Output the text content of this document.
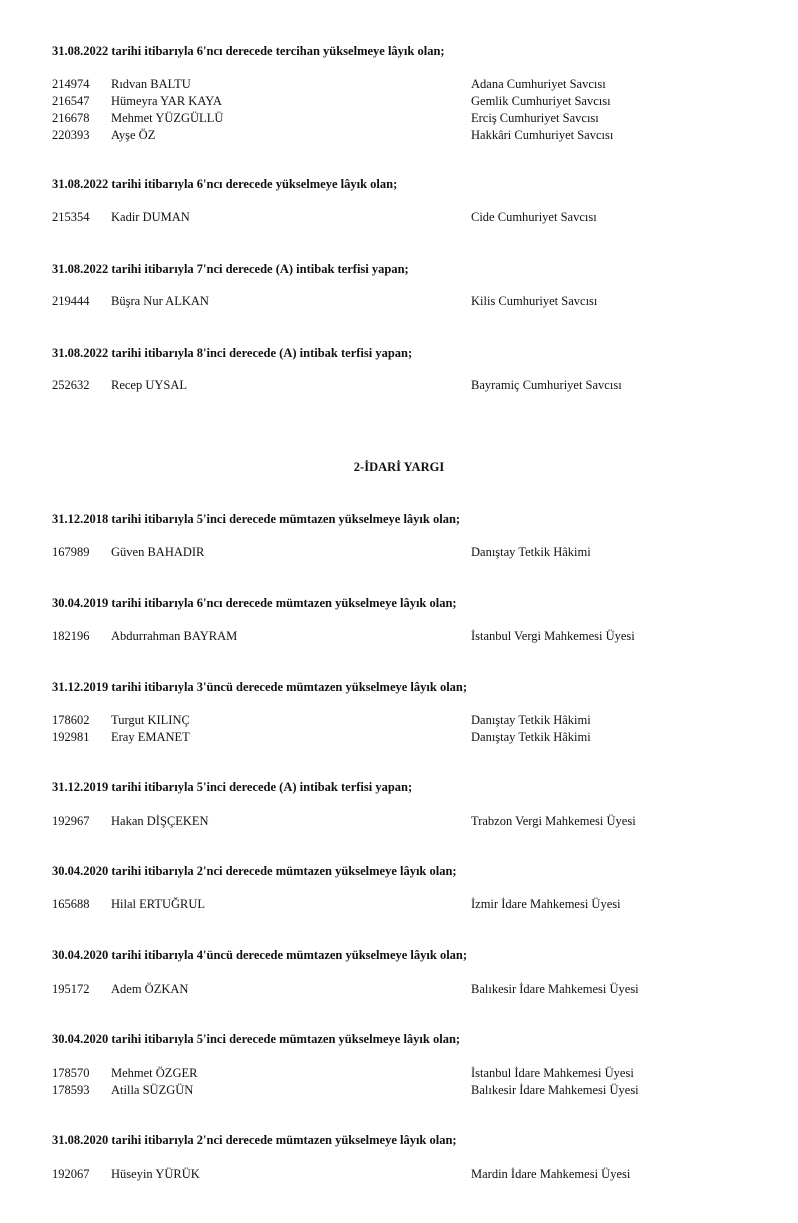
2-İDARİ YARGI
31.08.2022 tarihi itibarıyla 6'ncı derecede tercihan yükselmeye lâyık olan;
214974 Rıdvan BALTU	Adana Cumhuriyet Savcısı
216547 Hümeyra YAR KAYA	Gemlik Cumhuriyet Savcısı
216678 Mehmet YÜZGÜLLÜ	Erciş Cumhuriyet Savcısı
220393 Ayşe ÖZ	Hakkâri Cumhuriyet Savcısı
31.08.2022 tarihi itibarıyla 6'ncı derecede yükselmeye lâyık olan;
215354 Kadir DUMAN	Cide Cumhuriyet Savcısı
31.08.2022 tarihi itibarıyla 7'nci derecede (A) intibak terfisi yapan;
219444 Büşra Nur ALKAN	Kilis Cumhuriyet Savcısı
31.08.2022 tarihi itibarıyla 8'inci derecede (A) intibak terfisi yapan;
252632 Recep UYSAL	Bayramiç Cumhuriyet Savcısı
31.12.2018 tarihi itibarıyla 5'inci derecede mümtazen yükselmeye lâyık olan;
167989 Güven BAHADIR	Danıştay Tetkik Hâkimi
30.04.2019 tarihi itibarıyla 6'ncı derecede mümtazen yükselmeye lâyık olan;
182196 Abdurrahman BAYRAM	İstanbul Vergi Mahkemesi Üyesi
31.12.2019 tarihi itibarıyla 3'üncü derecede mümtazen yükselmeye lâyık olan;
178602 Turgut KILINÇ	Danıştay Tetkik Hâkimi
192981 Eray EMANET	Danıştay Tetkik Hâkimi
31.12.2019 tarihi itibarıyla 5'inci derecede (A) intibak terfisi yapan;
192967 Hakan DİŞÇEKEN	Trabzon Vergi Mahkemesi Üyesi
30.04.2020 tarihi itibarıyla 2'nci derecede mümtazen yükselmeye lâyık olan;
165688 Hilal ERTUĞRUL	İzmir İdare Mahkemesi Üyesi
30.04.2020 tarihi itibarıyla 4'üncü derecede mümtazen yükselmeye lâyık olan;
195172 Adem ÖZKAN	Balıkesir İdare Mahkemesi Üyesi
30.04.2020 tarihi itibarıyla 5'inci derecede mümtazen yükselmeye lâyık olan;
178570 Mehmet ÖZGER	İstanbul İdare Mahkemesi Üyesi
178593 Atilla SÜZGÜN	Balıkesir İdare Mahkemesi Üyesi
31.08.2020 tarihi itibarıyla 2'nci derecede mümtazen yükselmeye lâyık olan;
192067 Hüseyin YÜRÜK	Mardin İdare Mahkemesi Üyesi
